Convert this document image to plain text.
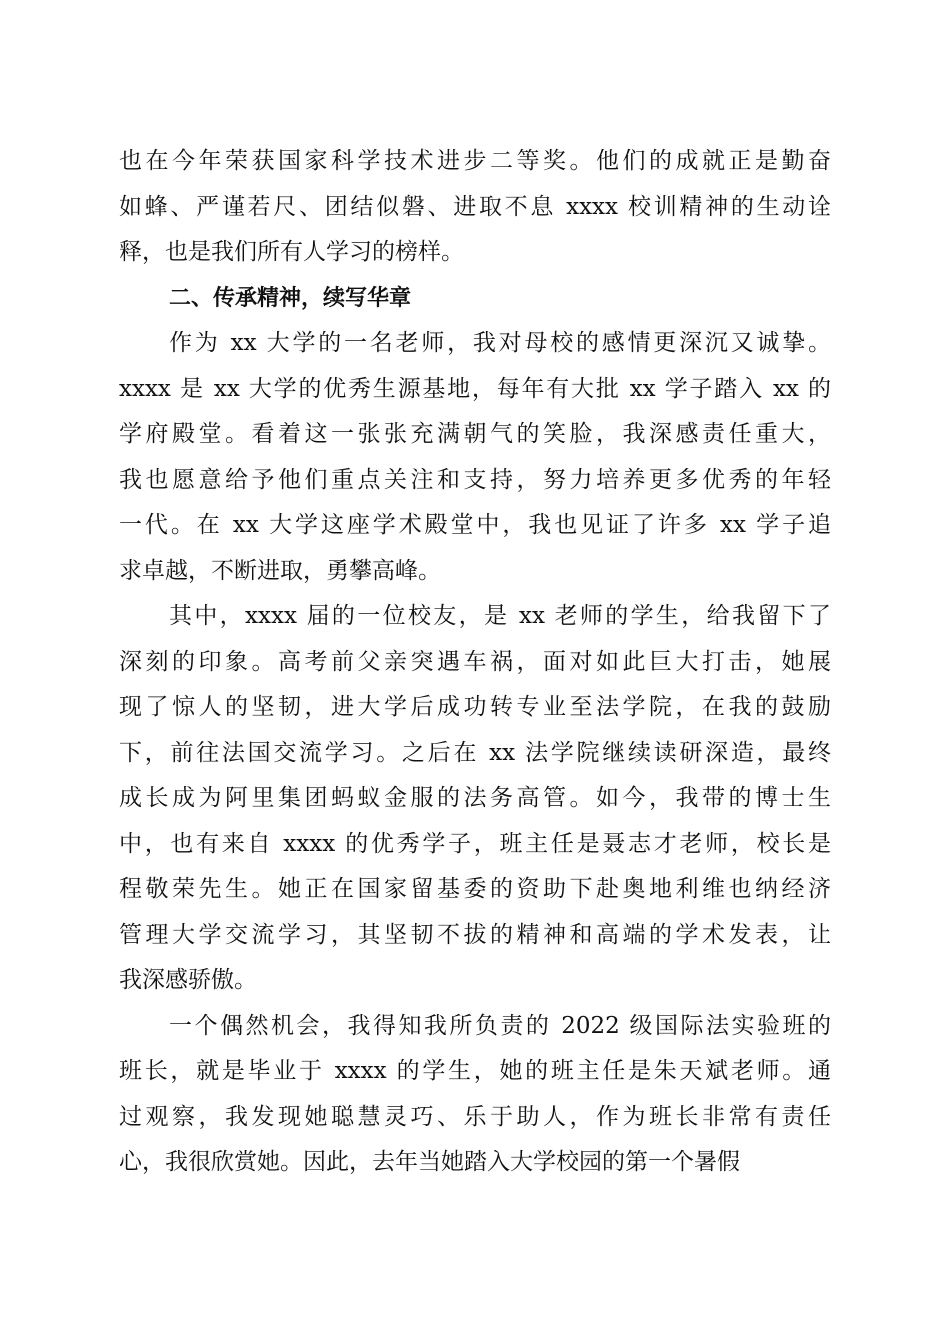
也在今年荣获国家科学技术进步二等奖。他们的成就正是勤奋
如蜂、严谨若尺、团结似磐、进取不息 xxxx 校训精神的生动诠
释，也是我们所有人学习的榜样。
二、传承精神，续写华章
作为 xx 大学的一名老师，我对母校的感情更深沉又诚挚。
xxxx 是 xx 大学的优秀生源基地，每年有大批 xx 学子踏入 xx 的
学府殿堂。看着这一张张充满朝气的笑脸，我深感责任重大，
我也愿意给予他们重点关注和支持，努力培养更多优秀的年轻
一代。在 xx 大学这座学术殿堂中，我也见证了许多 xx 学子追
求卓越，不断进取，勇攀高峰。
其中，xxxx 届的一位校友，是 xx 老师的学生，给我留下了
深刻的印象。高考前父亲突遇车祸，面对如此巨大打击，她展
现了惊人的坚韧，进大学后成功转专业至法学院，在我的鼓励
下，前往法国交流学习。之后在 xx 法学院继续读研深造，最终
成长成为阿里集团蚂蚁金服的法务高管。如今，我带的博士生
中，也有来自 xxxx 的优秀学子，班主任是聂志才老师，校长是
程敬荣先生。她正在国家留基委的资助下赴奥地利维也纳经济
管理大学交流学习，其坚韧不拔的精神和高端的学术发表，让
我深感骄傲。
一个偶然机会，我得知我所负责的 2022 级国际法实验班的
班长，就是毕业于 xxxx 的学生，她的班主任是朱天斌老师。通
过观察，我发现她聪慧灵巧、乐于助人，作为班长非常有责任
心，我很欣赏她。因此，去年当她踏入大学校园的第一个暑假
